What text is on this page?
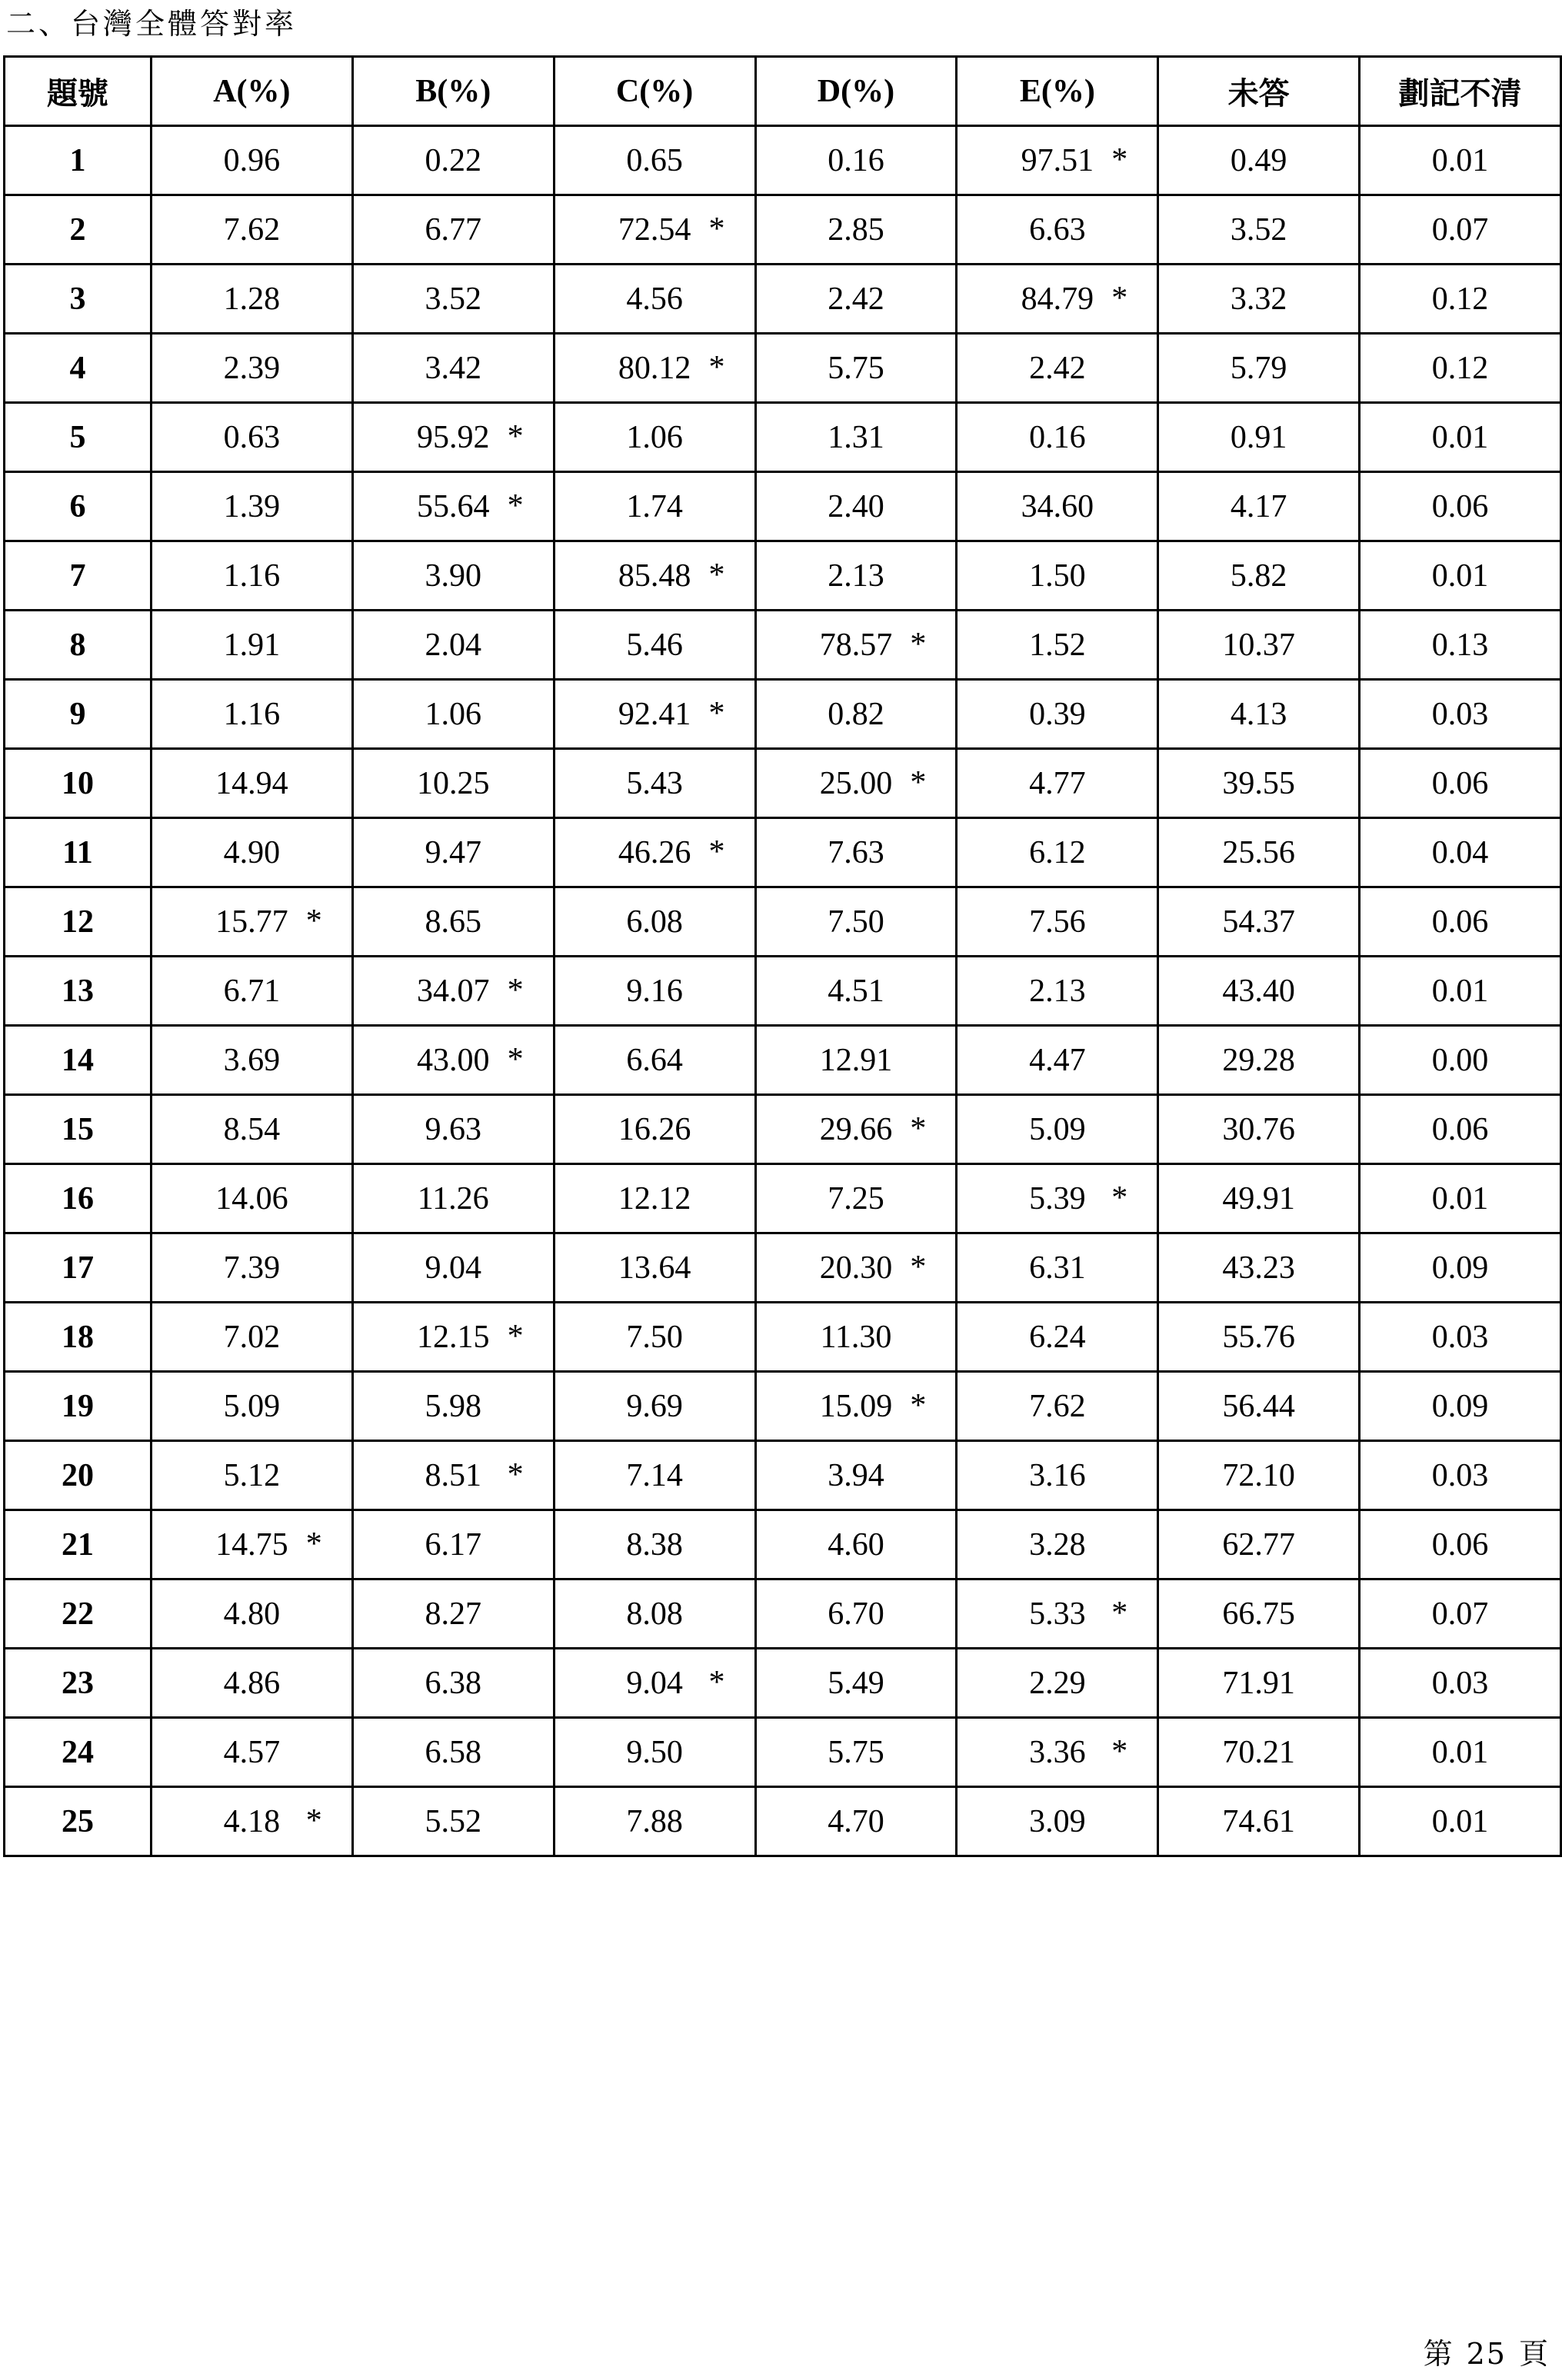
二、台灣全體答對率
題號	A(%)	B(%)	C(%)	D(%)	E(%)	未答	劃記不清
1	0.96	0.22	0.65	0.16	97.51 *	0.49	0.01
2	7.62	6.77	72.54 *	2.85	6.63	3.52	0.07
3	1.28	3.52	4.56	2.42	84.79 *	3.32	0.12
4	2.39	3.42	80.12 *	5.75	2.42	5.79	0.12
5	0.63	95.92 *	1.06	1.31	0.16	0.91	0.01
6	1.39	55.64 *	1.74	2.40	34.60	4.17	0.06
7	1.16	3.90	85.48 *	2.13	1.50	5.82	0.01
8	1.91	2.04	5.46	78.57 *	1.52	10.37	0.13
9	1.16	1.06	92.41 *	0.82	0.39	4.13	0.03
10	14.94	10.25	5.43	25.00 *	4.77	39.55	0.06
11	4.90	9.47	46.26 *	7.63	6.12	25.56	0.04
12	15.77 *	8.65	6.08	7.50	7.56	54.37	0.06
13	6.71	34.07 *	9.16	4.51	2.13	43.40	0.01
14	3.69	43.00 *	6.64	12.91	4.47	29.28	0.00
15	8.54	9.63	16.26	29.66 *	5.09	30.76	0.06
16	14.06	11.26	12.12	7.25	5.39 *	49.91	0.01
17	7.39	9.04	13.64	20.30 *	6.31	43.23	0.09
18	7.02	12.15 *	7.50	11.30	6.24	55.76	0.03
19	5.09	5.98	9.69	15.09 *	7.62	56.44	0.09
20	5.12	8.51 *	7.14	3.94	3.16	72.10	0.03
21	14.75 *	6.17	8.38	4.60	3.28	62.77	0.06
22	4.80	8.27	8.08	6.70	5.33 *	66.75	0.07
23	4.86	6.38	9.04 *	5.49	2.29	71.91	0.03
24	4.57	6.58	9.50	5.75	3.36 *	70.21	0.01
25	4.18 *	5.52	7.88	4.70	3.09	74.61	0.01
第 25 頁
